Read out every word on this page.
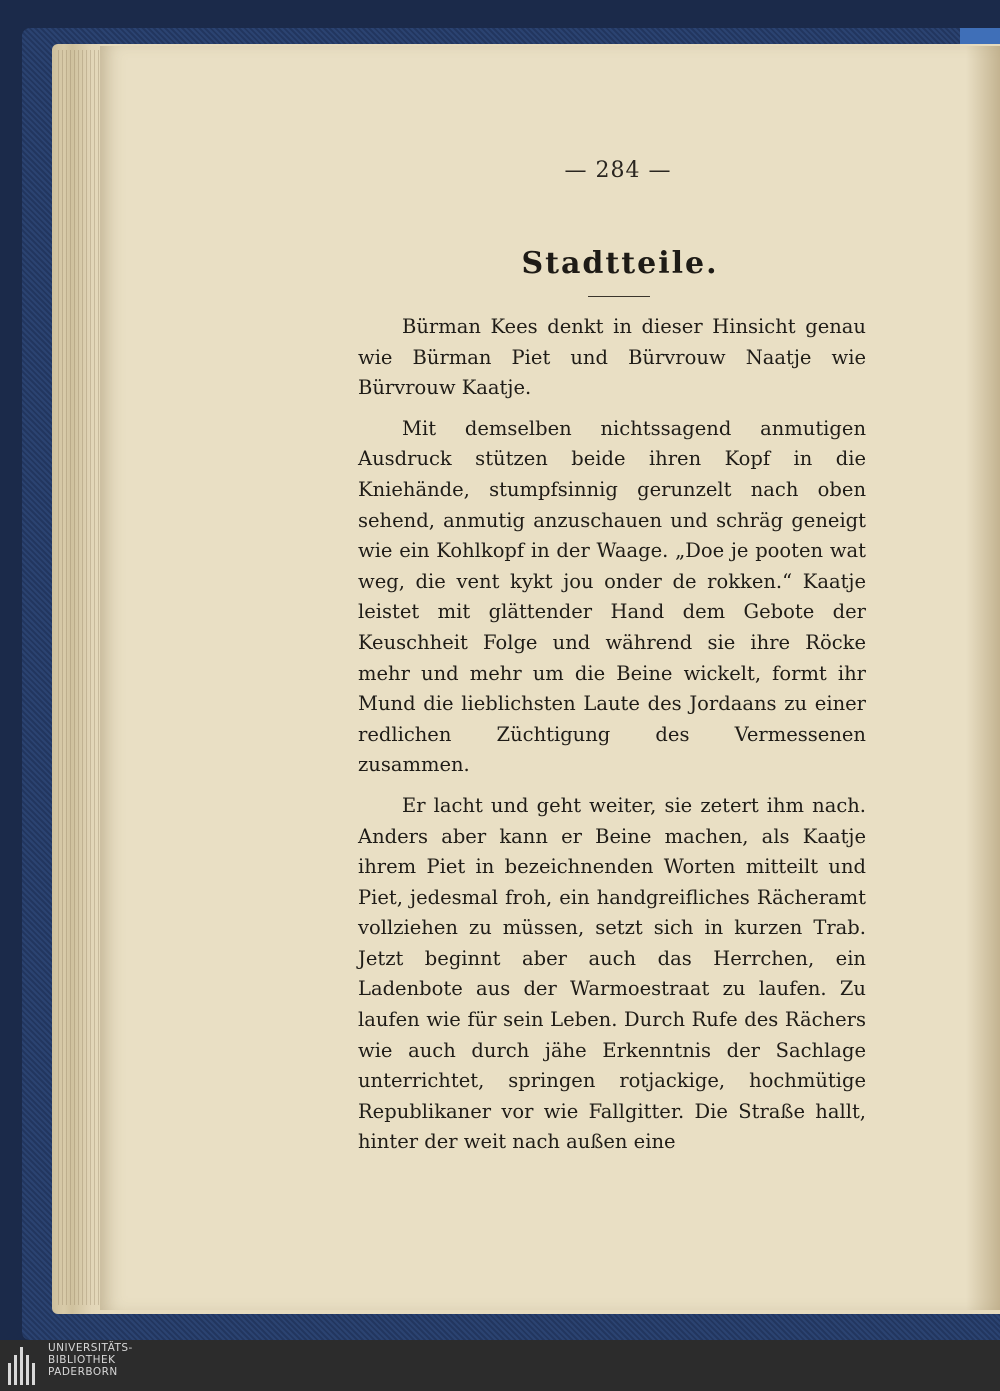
— 284 —
Stadtteile.

Bürman Kees denkt in dieser Hinsicht genau wie Bürman Piet und Bürvrouw Naatje wie Bürvrouw Kaatje.

Mit demselben nichtssagend anmutigen Ausdruck stützen beide ihren Kopf in die Kniehände, stumpfsinnig gerunzelt nach oben sehend, anmutig anzuschauen und schräg geneigt wie ein Kohlkopf in der Waage. „Doe je pooten wat weg, die vent kykt jou onder de rokken.“ Kaatje leistet mit glättender Hand dem Gebote der Keuschheit Folge und während sie ihre Röcke mehr und mehr um die Beine wickelt, formt ihr Mund die lieblichsten Laute des Jordaans zu einer redlichen Züchtigung des Vermessenen zusammen.

Er lacht und geht weiter, sie zetert ihm nach. Anders aber kann er Beine machen, als Kaatje ihrem Piet in bezeichnenden Worten mitteilt und Piet, jedesmal froh, ein handgreifliches Rächeramt vollziehen zu müssen, setzt sich in kurzen Trab. Jetzt beginnt aber auch das Herrchen, ein Ladenbote aus der Warmoestraat zu laufen. Zu laufen wie für sein Leben. Durch Rufe des Rächers wie auch durch jähe Erkenntnis der Sachlage unterrichtet, springen rotjackige, hochmütige Republikaner vor wie Fallgitter. Die Straße hallt, hinter der weit nach außen eine

UNIVERSITÄTS-
BIBLIOTHEK
PADERBORN
